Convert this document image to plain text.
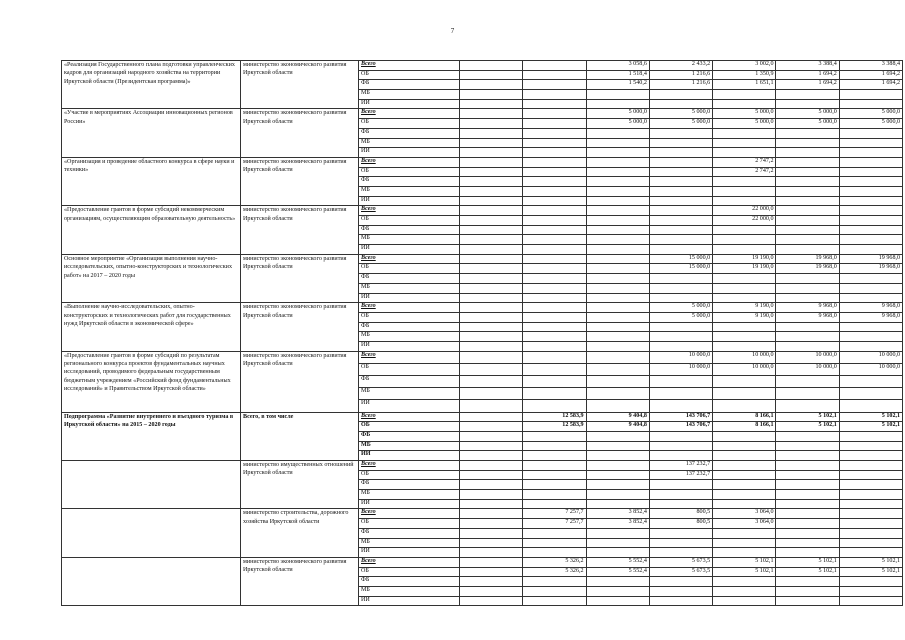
7
«Реализация Государственного плана подготовки управленческих кадров для организаций народного хозяйства на территории Иркутской области (Президентская программа)»	министерство экономического развития Иркутской области	Всего			3 058,6	2 433,2	3 002,0	3 388,4	3 388,4
		ОБ			1 518,4	1 216,6	1 350,9	1 694,2	1 694,2
		ФБ			1 540,2	1 216,6	1 651,1	1 694,2	1 694,2
		МБ							
		ИИ							
«Участие в мероприятиях Ассоциации инновационных регионов России»	министерство экономического развития Иркутской области	Всего			5 000,0	5 000,0	5 000,0	5 000,0	5 000,0
		ОБ			5 000,0	5 000,0	5 000,0	5 000,0	5 000,0
		ФБ							
		МБ							
		ИИ							
«Организация и проведение областного конкурса в сфере науки и техники»	министерство экономического развития Иркутской области	Всего					2 747,2		
		ОБ					2 747,2		
		ФБ							
		МБ							
		ИИ							
«Предоставление грантов в форме субсидий некоммерческим организациям, осуществляющим образовательную деятельность»	министерство экономического развития Иркутской области	Всего					22 000,0		
		ОБ					22 000,0		
		ФБ							
		МБ							
		ИИ							
Основное мероприятие «Организация выполнения научно-исследовательских, опытно-конструкторских и технологических работ» на 2017 – 2020 годы	министерство экономического развития Иркутской области	Всего				15 000,0	19 190,0	19 968,0	19 968,0
		ОБ				15 000,0	19 190,0	19 968,0	19 968,0
		ФБ							
		МБ							
		ИИ							
«Выполнение научно-исследовательских, опытно-конструкторских и технологических работ для государственных нужд Иркутской области в экономической сфере»	министерство экономического развития Иркутской области	Всего				5 000,0	9 190,0	9 968,0	9 968,0
		ОБ				5 000,0	9 190,0	9 968,0	9 968,0
		ФБ							
		МБ							
		ИИ							
«Предоставление грантов в форме субсидий по результатам регионального конкурса проектов фундаментальных научных исследований, проводимого федеральным государственным бюджетным учреждением «Российский фонд фундаментальных исследований» и Правительством Иркутской области»	министерство экономического развития Иркутской области	Всего				10 000,0	10 000,0	10 000,0	10 000,0
		ОБ				10 000,0	10 000,0	10 000,0	10 000,0
		ФБ							
		МБ							
		ИИ							
Подпрограмма «Развитие внутреннего и въездного туризма в Иркутской области» на 2015 – 2020 годы	Всего, в том числе	Всего		12 583,9	9 404,8	143 706,7	8 166,1	5 102,1	5 102,1
		ОБ		12 583,9	9 404,8	143 706,7	8 166,1	5 102,1	5 102,1
		ФБ							
		МБ							
		ИИ							
	министерство имущественных отношений Иркутской области	Всего				137 232,7			
		ОБ				137 232,7			
		ФБ							
		МБ							
		ИИ							
	министерство строительства, дорожного хозяйства Иркутской области	Всего		7 257,7	3 852,4	800,5	3 064,0		
		ОБ		7 257,7	3 852,4	800,5	3 064,0		
		ФБ							
		МБ							
		ИИ							
	министерство экономического развития Иркутской области	Всего		5 326,2	5 552,4	5 673,5	5 102,1	5 102,1	5 102,1
		ОБ		5 326,2	5 552,4	5 673,5	5 102,1	5 102,1	5 102,1
		ФБ							
		МБ							
		ИИ							
